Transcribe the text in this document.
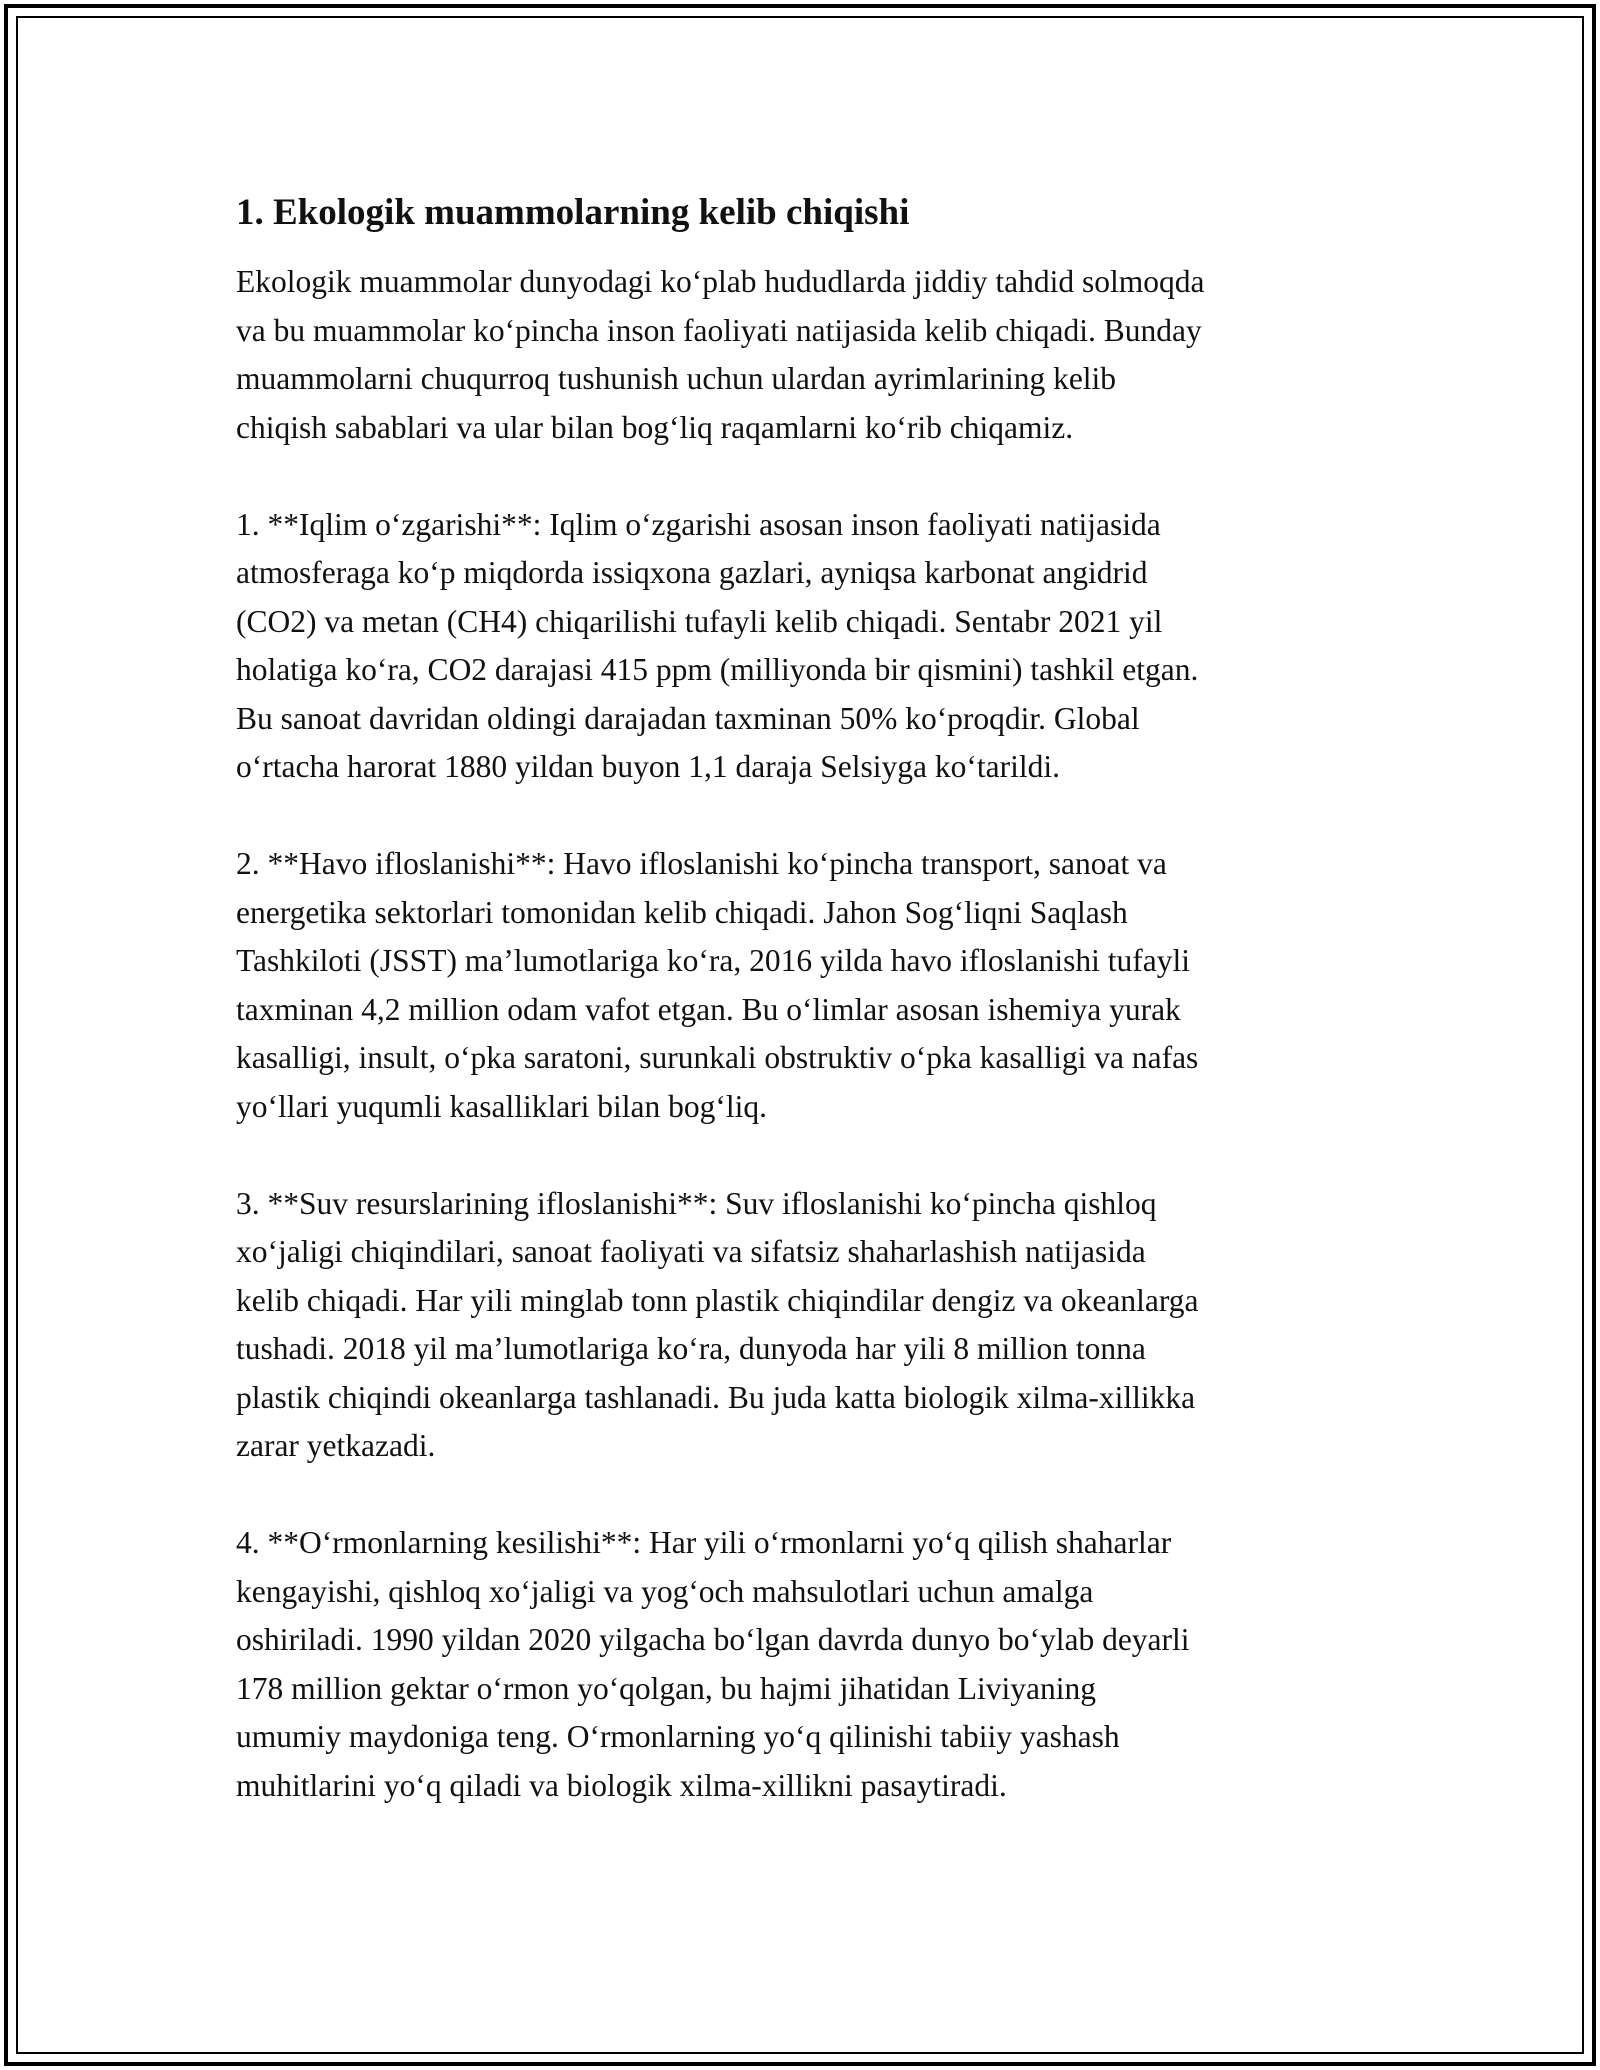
1. Ekologik muammolarning kelib chiqishi
Ekologik muammolar dunyodagi ko‘plab hududlarda jiddiy tahdid solmoqda
va bu muammolar ko‘pincha inson faoliyati natijasida kelib chiqadi. Bunday
muammolarni chuqurroq tushunish uchun ulardan ayrimlarining kelib
chiqish sabablari va ular bilan bog‘liq raqamlarni ko‘rib chiqamiz.
1. **Iqlim o‘zgarishi**: Iqlim o‘zgarishi asosan inson faoliyati natijasida
atmosferaga ko‘p miqdorda issiqxona gazlari, ayniqsa karbonat angidrid
(CO2) va metan (CH4) chiqarilishi tufayli kelib chiqadi. Sentabr 2021 yil
holatiga ko‘ra, CO2 darajasi 415 ppm (milliyonda bir qismini) tashkil etgan.
Bu sanoat davridan oldingi darajadan taxminan 50% ko‘proqdir. Global
o‘rtacha harorat 1880 yildan buyon 1,1 daraja Selsiyga ko‘tarildi.
2. **Havo ifloslanishi**: Havo ifloslanishi ko‘pincha transport, sanoat va
energetika sektorlari tomonidan kelib chiqadi. Jahon Sog‘liqni Saqlash
Tashkiloti (JSST) ma’lumotlariga ko‘ra, 2016 yilda havo ifloslanishi tufayli
taxminan 4,2 million odam vafot etgan. Bu o‘limlar asosan ishemiya yurak
kasalligi, insult, o‘pka saratoni, surunkali obstruktiv o‘pka kasalligi va nafas
yo‘llari yuqumli kasalliklari bilan bog‘liq.
3. **Suv resurslarining ifloslanishi**: Suv ifloslanishi ko‘pincha qishloq
xo‘jaligi chiqindilari, sanoat faoliyati va sifatsiz shaharlashish natijasida
kelib chiqadi. Har yili minglab tonn plastik chiqindilar dengiz va okeanlarga
tushadi. 2018 yil ma’lumotlariga ko‘ra, dunyoda har yili 8 million tonna
plastik chiqindi okeanlarga tashlanadi. Bu juda katta biologik xilma-xillikka
zarar yetkazadi.
4. **O‘rmonlarning kesilishi**: Har yili o‘rmonlarni yo‘q qilish shaharlar
kengayishi, qishloq xo‘jaligi va yog‘och mahsulotlari uchun amalga
oshiriladi. 1990 yildan 2020 yilgacha bo‘lgan davrda dunyo bo‘ylab deyarli
178 million gektar o‘rmon yo‘qolgan, bu hajmi jihatidan Liviyaning
umumiy maydoniga teng. O‘rmonlarning yo‘q qilinishi tabiiy yashash
muhitlarini yo‘q qiladi va biologik xilma-xillikni pasaytiradi.
